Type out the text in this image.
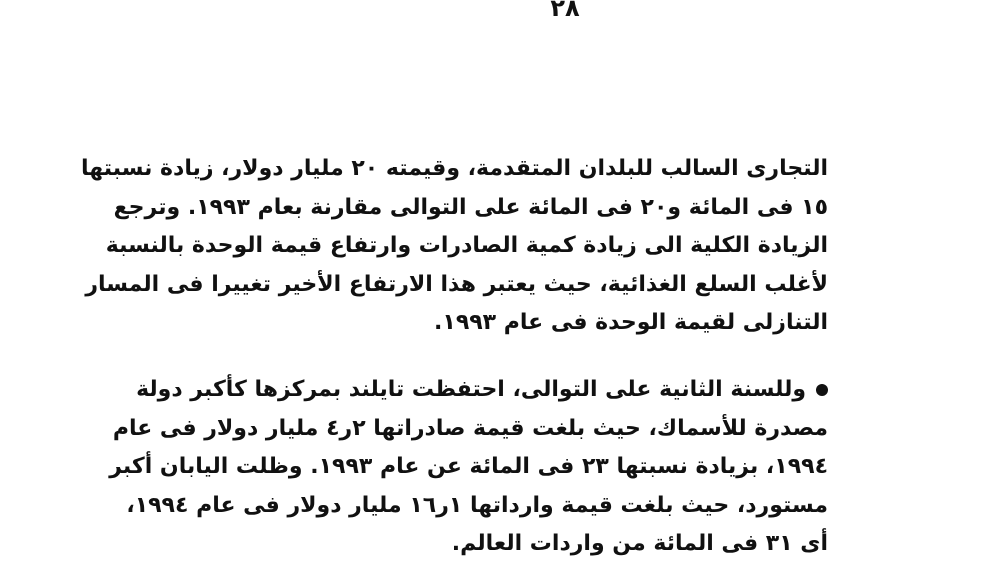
٢٨
التجارى السالب للبلدان المتقدمة، وقيمته ٢٠ مليار دولار، زيادة نسبتها
١٥ فى المائة و٢٠ فى المائة على التوالى مقارنة بعام ١٩٩٣. وترجع
الزيادة الكلية الى زيادة كمية الصادرات وارتفاع قيمة الوحدة بالنسبة
لأغلب السلع الغذائية، حيث يعتبر هذا الارتفاع الأخير تغييرا فى المسار
التنازلى لقيمة الوحدة فى عام ١٩٩٣.
وللسنة الثانية على التوالى، احتفظت تايلند بمركزها كأكبر دولة
مصدرة للأسماك، حيث بلغت قيمة صادراتها ٢ر٤ مليار دولار فى عام
١٩٩٤، بزيادة نسبتها ٢٣ فى المائة عن عام ١٩٩٣. وظلت اليابان أكبر
مستورد، حيث بلغت قيمة وارداتها ١ر١٦ مليار دولار فى عام ١٩٩٤،
أى ٣١ فى المائة من واردات العالم.
